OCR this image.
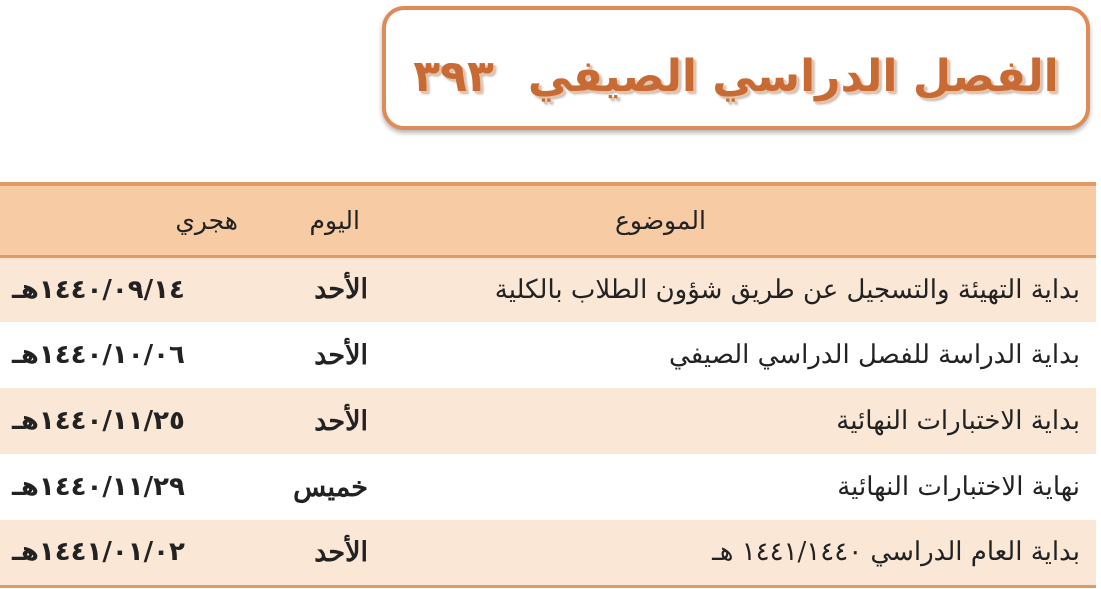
الفصل الدراسي الصيفي٣٩٣
الموضوع	اليوم	هجري
بداية التهيئة والتسجيل عن طريق شؤون الطلاب بالكلية	الأحد	١٤٤٠/٠٩/١٤هـ
بداية الدراسة للفصل الدراسي الصيفي	الأحد	١٤٤٠/١٠/٠٦هـ
بداية الاختبارات النهائية	الأحد	١٤٤٠/١١/٢٥هـ
نهاية الاختبارات النهائية	خميس	١٤٤٠/١١/٢٩هـ
بداية العام الدراسي ١٤٤١/١٤٤٠ هـ	الأحد	١٤٤١/٠١/٠٢هـ
